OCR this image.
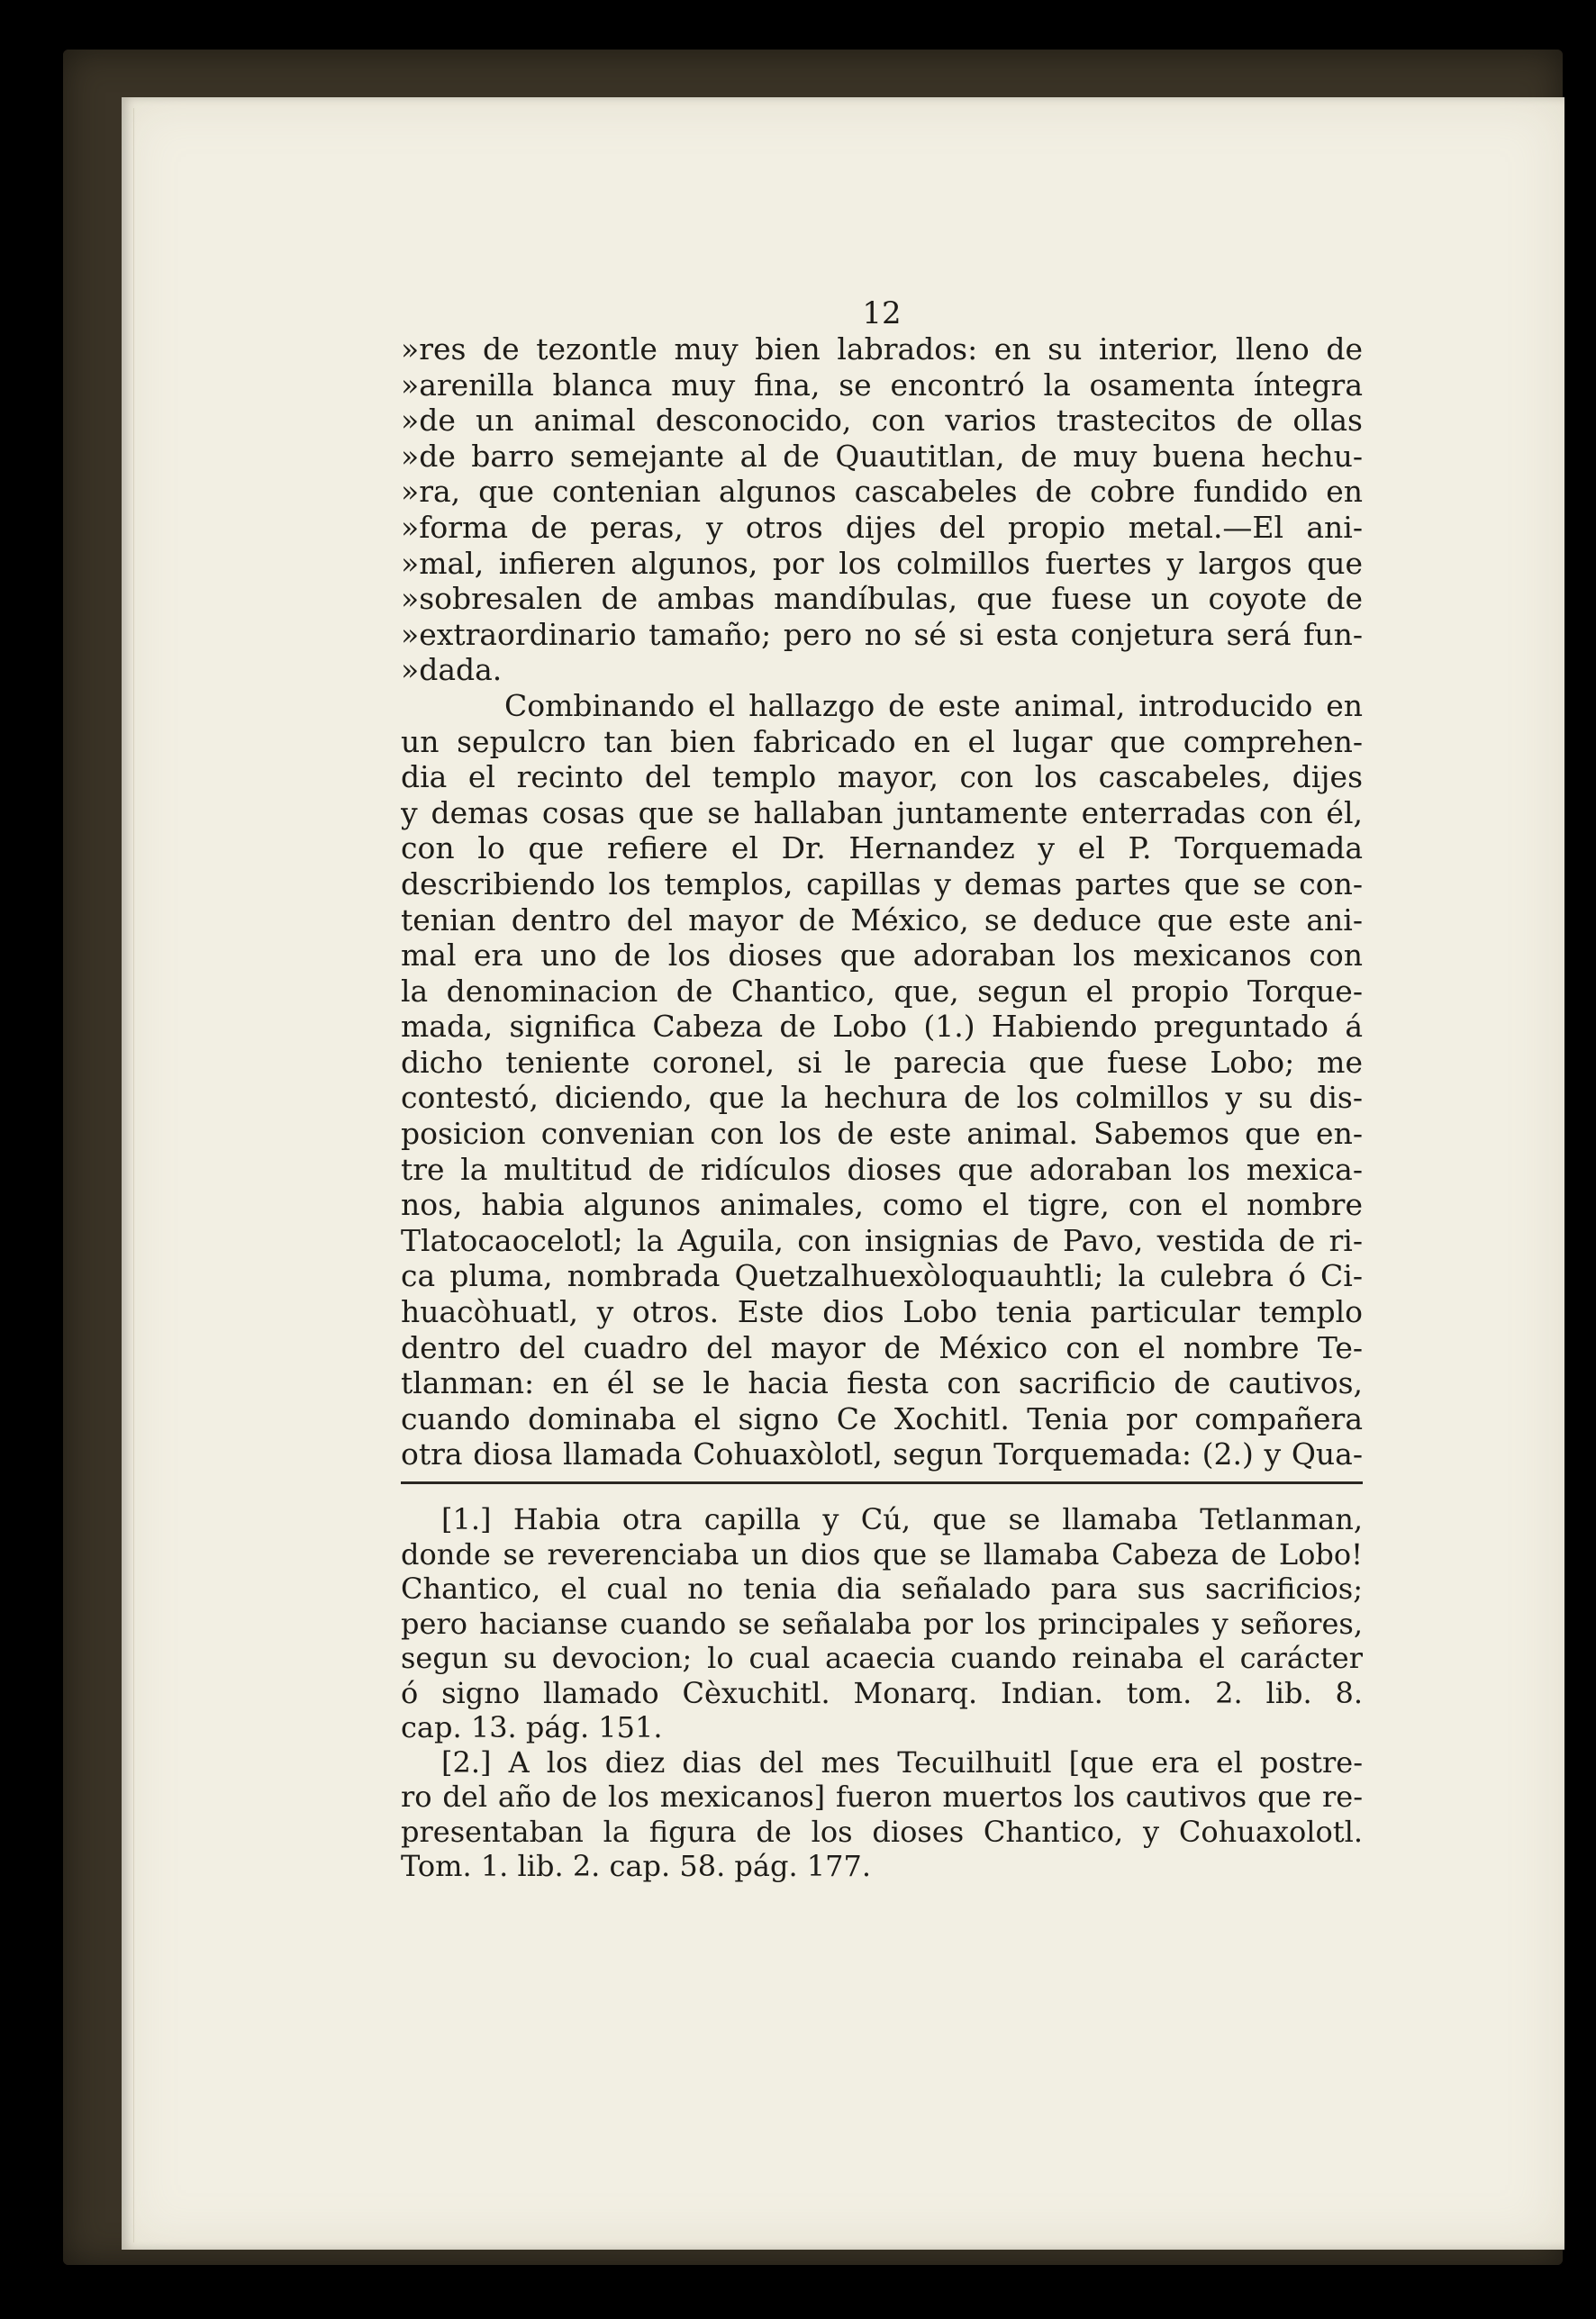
12
»res de tezontle muy bien labrados: en su interior, lleno de
»arenilla blanca muy fina, se encontró la osamenta íntegra
»de un animal desconocido, con varios trastecitos de ollas
»de barro semejante al de Quautitlan, de muy buena hechu-
»ra, que contenian algunos cascabeles de cobre fundido en
»forma de peras, y otros dijes del propio metal.—El ani-
»mal, infieren algunos, por los colmillos fuertes y largos que
»sobresalen de ambas mandíbulas, que fuese un coyote de
»extraordinario tamaño; pero no sé si esta conjetura será fun-
»dada.
Combinando el hallazgo de este animal, introducido en
un sepulcro tan bien fabricado en el lugar que comprehen-
dia el recinto del templo mayor, con los cascabeles, dijes
y demas cosas que se hallaban juntamente enterradas con él,
con lo que refiere el Dr. Hernandez y el P. Torquemada
describiendo los templos, capillas y demas partes que se con-
tenian dentro del mayor de México, se deduce que este ani-
mal era uno de los dioses que adoraban los mexicanos con
la denominacion de Chantico, que, segun el propio Torque-
mada, significa Cabeza de Lobo (1.) Habiendo preguntado á
dicho teniente coronel, si le parecia que fuese Lobo; me
contestó, diciendo, que la hechura de los colmillos y su dis-
posicion convenian con los de este animal. Sabemos que en-
tre la multitud de ridículos dioses que adoraban los mexica-
nos, habia algunos animales, como el tigre, con el nombre
Tlatocaocelotl; la Aguila, con insignias de Pavo, vestida de ri-
ca pluma, nombrada Quetzalhuexòloquauhtli; la culebra ó Ci-
huacòhuatl, y otros. Este dios Lobo tenia particular templo
dentro del cuadro del mayor de México con el nombre Te-
tlanman: en él se le hacia fiesta con sacrificio de cautivos,
cuando dominaba el signo Ce Xochitl. Tenia por compañera
otra diosa llamada Cohuaxòlotl, segun Torquemada: (2.) y Qua-
[1.] Habia otra capilla y Cú, que se llamaba Tetlanman,
donde se reverenciaba un dios que se llamaba Cabeza de Lobo!
Chantico, el cual no tenia dia señalado para sus sacrificios;
pero hacianse cuando se señalaba por los principales y señores,
segun su devocion; lo cual acaecia cuando reinaba el carácter
ó signo llamado Cèxuchitl. Monarq. Indian. tom. 2. lib. 8.
cap. 13. pág. 151.
[2.] A los diez dias del mes Tecuilhuitl [que era el postre-
ro del año de los mexicanos] fueron muertos los cautivos que re-
presentaban la figura de los dioses Chantico, y Cohuaxolotl.
Tom. 1. lib. 2. cap. 58. pág. 177.
